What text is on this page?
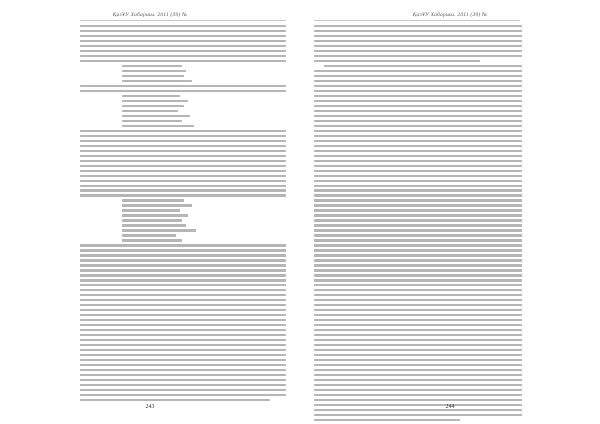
ҚазҰУ Хабаршы. 2011 (39) №
243
ҚазҰУ Хабаршы. 2011 (39) №
244
